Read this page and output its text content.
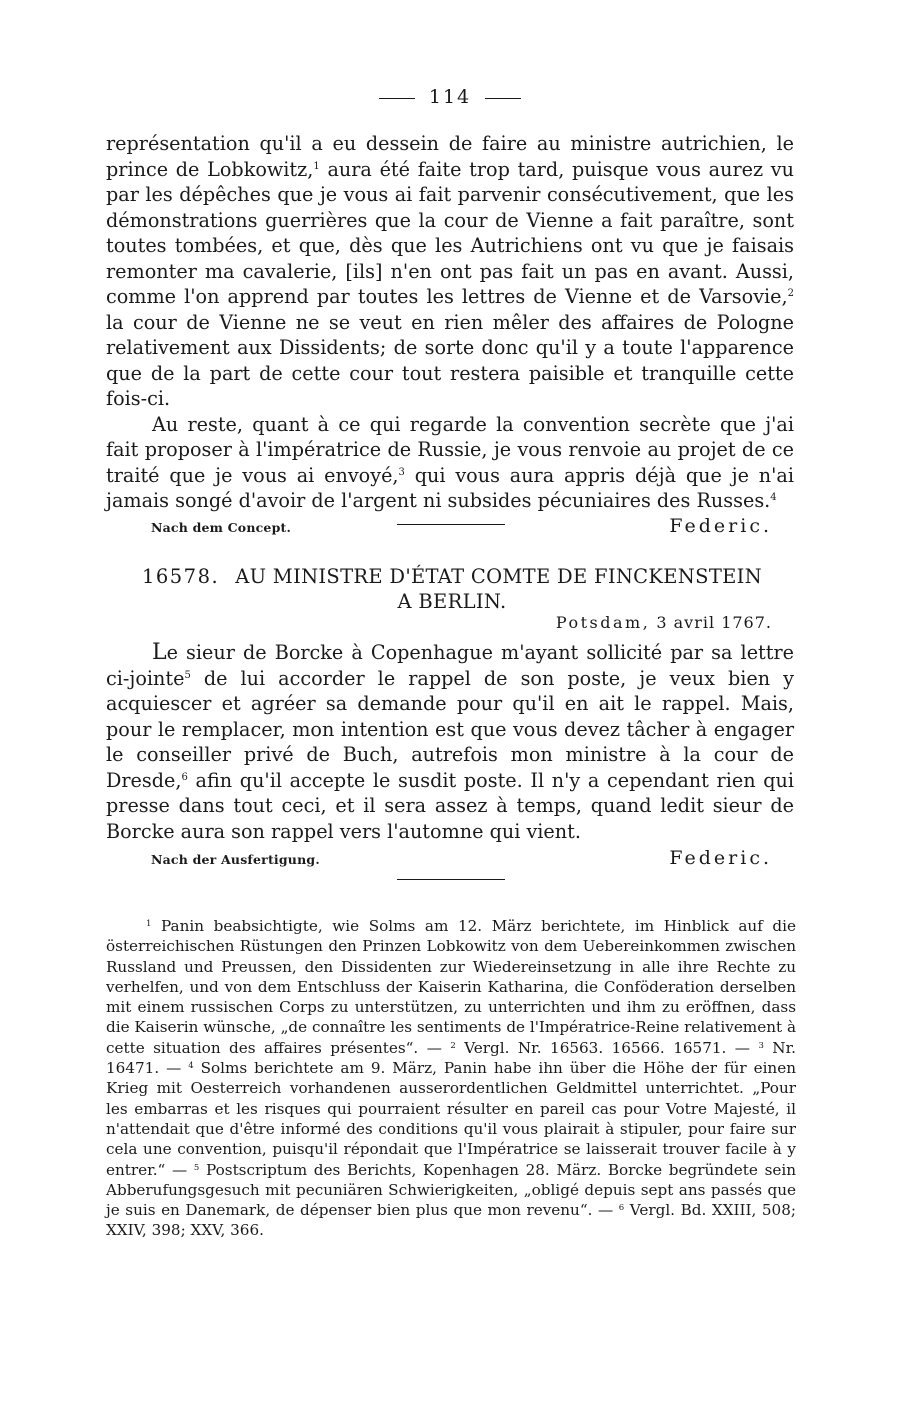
114

représentation qu'il a eu dessein de faire au ministre autrichien, le prince de Lobkowitz,$^1$ aura été faite trop tard, puisque vous aurez vu par les dépêches que je vous ai fait parvenir consécutivement, que les démonstrations guerrières que la cour de Vienne a fait paraître, sont toutes tombées, et que, dès que les Autrichiens ont vu que je faisais remonter ma cavalerie, [ils] n'en ont pas fait un pas en avant. Aussi, comme l'on apprend par toutes les lettres de Vienne et de Varsovie,$^2$ la cour de Vienne ne se veut en rien mêler des affaires de Pologne relativement aux Dissidents; de sorte donc qu'il y a toute l'apparence que de la part de cette cour tout restera paisible et tranquille cette fois-ci.

Au reste, quant à ce qui regarde la convention secrète que j'ai fait proposer à l'impératrice de Russie, je vous renvoie au projet de ce traité que je vous ai envoyé,$^3$ qui vous aura appris déjà que je n'ai jamais songé d'avoir de l'argent ni subsides pécuniaires des Russes.$^4$

Nach dem Concept.	Federic.
16578. AU MINISTRE D'ÉTAT COMTE DE FINCKENSTEIN
A BERLIN.
Potsdam, 3 avril 1767.

Le sieur de Borcke à Copenhague m'ayant sollicité par sa lettre ci-jointe$^5$ de lui accorder le rappel de son poste, je veux bien y acquiescer et agréer sa demande pour qu'il en ait le rappel. Mais, pour le remplacer, mon intention est que vous devez tâcher à engager le conseiller privé de Buch, autrefois mon ministre à la cour de Dresde,$^6$ afin qu'il accepte le susdit poste. Il n'y a cependant rien qui presse dans tout ceci, et il sera assez à temps, quand ledit sieur de Borcke aura son rappel vers l'automne qui vient.

Nach der Ausfertigung.	Federic.

$^1$ Panin beabsichtigte, wie Solms am 12. März berichtete, im Hinblick auf die österreichischen Rüstungen den Prinzen Lobkowitz von dem Uebereinkommen zwischen Russland und Preussen, den Dissidenten zur Wiedereinsetzung in alle ihre Rechte zu verhelfen, und von dem Entschluss der Kaiserin Katharina, die Conföderation derselben mit einem russischen Corps zu unterstützen, zu unterrichten und ihm zu eröffnen, dass die Kaiserin wünsche, „de connaître les sentiments de l'Impératrice-Reine relativement à cette situation des affaires présentes“. — $^2$ Vergl. Nr. 16563. 16566. 16571. — $^3$ Nr. 16471. — $^4$ Solms berichtete am 9. März, Panin habe ihn über die Höhe der für einen Krieg mit Oesterreich vorhandenen ausserordentlichen Geldmittel unterrichtet. „Pour les embarras et les risques qui pourraient résulter en pareil cas pour Votre Majesté, il n'attendait que d'être informé des conditions qu'il vous plairait à stipuler, pour faire sur cela une convention, puisqu'il répondait que l'Impératrice se laisserait trouver facile à y entrer.“ — $^5$ Postscriptum des Berichts, Kopenhagen 28. März. Borcke begründete sein Abberufungsgesuch mit pecuniären Schwierigkeiten, „obligé depuis sept ans passés que je suis en Danemark, de dépenser bien plus que mon revenu“. — $^6$ Vergl. Bd. XXIII, 508; XXIV, 398; XXV, 366.
